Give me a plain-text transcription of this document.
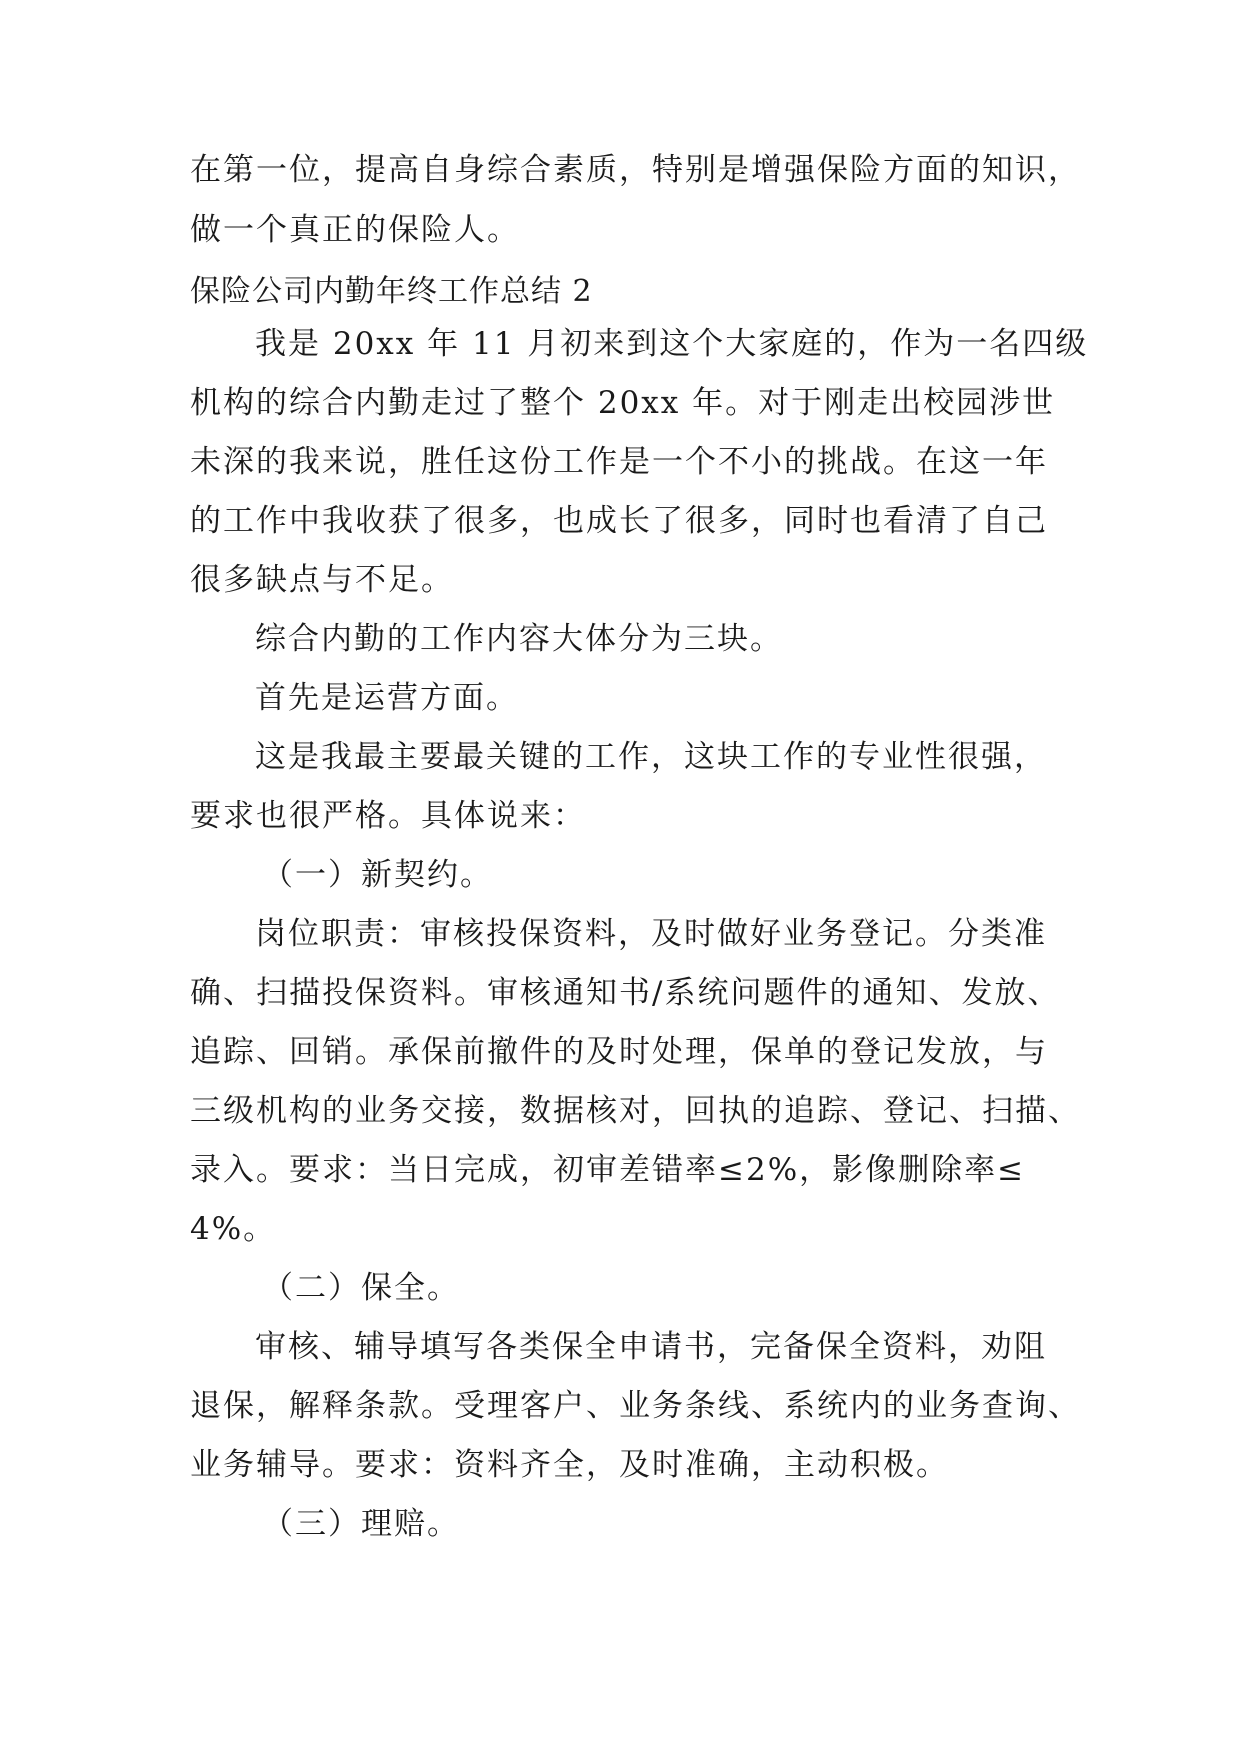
在第一位，提高自身综合素质，特别是增强保险方面的知识，
做一个真正的保险人。
保险公司内勤年终工作总结 2
我是 20xx 年 11 月初来到这个大家庭的，作为一名四级
机构的综合内勤走过了整个 20xx 年。对于刚走出校园涉世
未深的我来说，胜任这份工作是一个不小的挑战。在这一年
的工作中我收获了很多，也成长了很多，同时也看清了自己
很多缺点与不足。
综合内勤的工作内容大体分为三块。
首先是运营方面。
这是我最主要最关键的工作，这块工作的专业性很强，
要求也很严格。具体说来：
（一）新契约。
岗位职责：审核投保资料，及时做好业务登记。分类准
确、扫描投保资料。审核通知书/系统问题件的通知、发放、
追踪、回销。承保前撤件的及时处理，保单的登记发放，与
三级机构的业务交接，数据核对，回执的追踪、登记、扫描、
录入。要求：当日完成，初审差错率≤2%，影像删除率≤
4%。
（二）保全。
审核、辅导填写各类保全申请书，完备保全资料，劝阻
退保，解释条款。受理客户、业务条线、系统内的业务查询、
业务辅导。要求：资料齐全，及时准确，主动积极。
（三）理赔。
